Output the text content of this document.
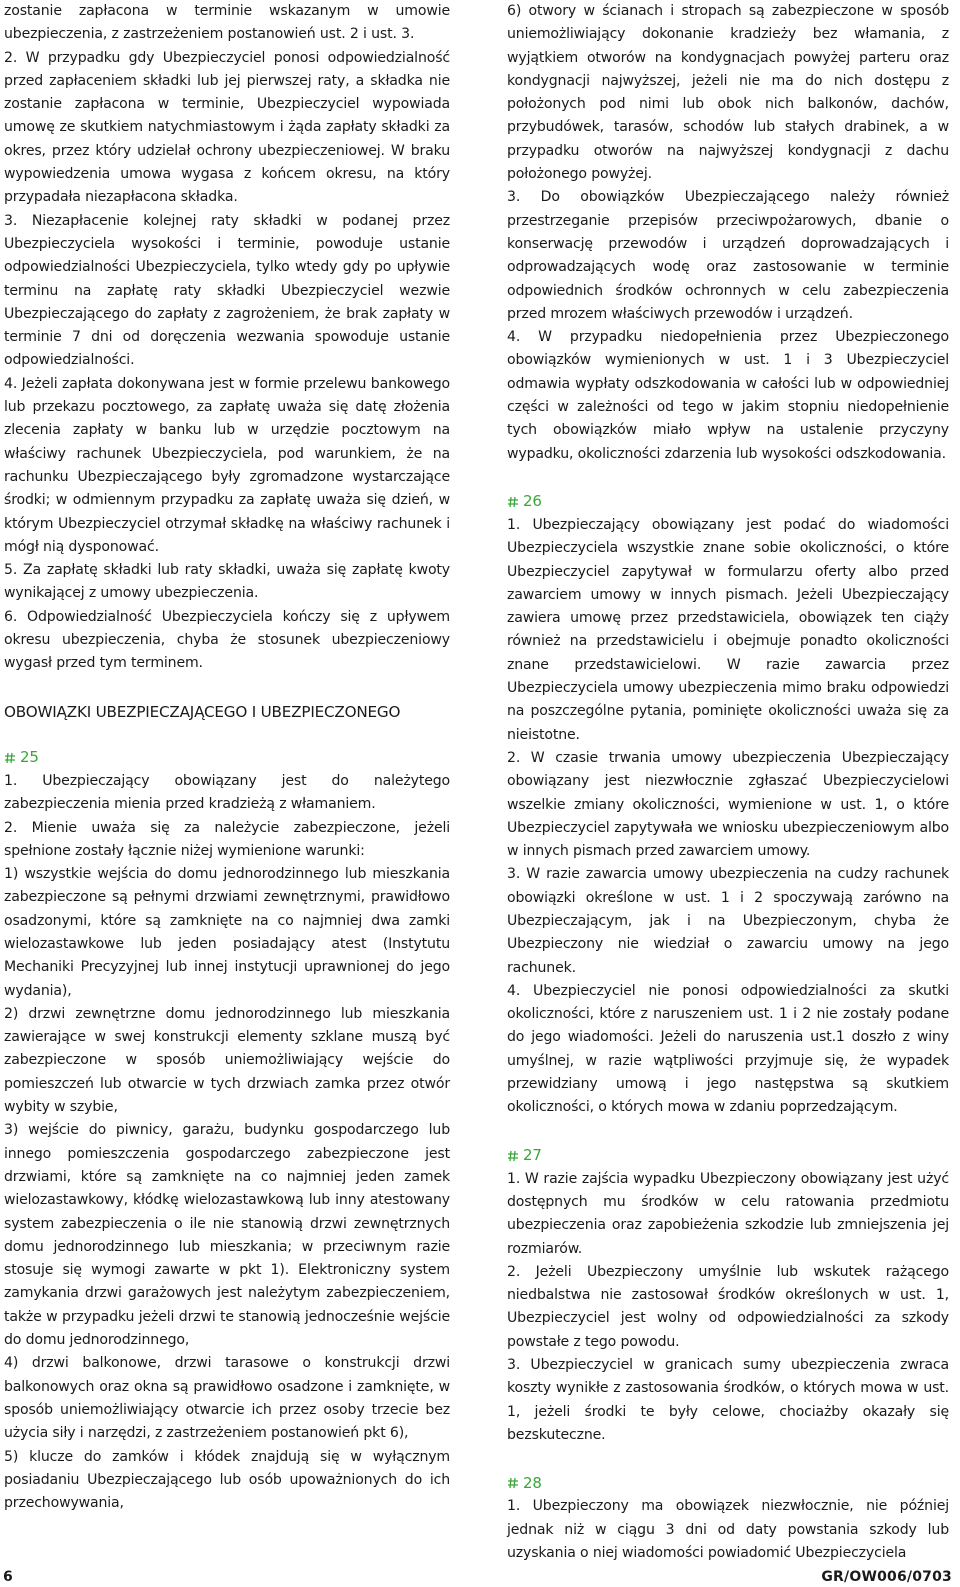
zostanie zapłacona w terminie wskazanym w umowie ubezpieczenia, z zastrzeżeniem postanowień ust. 2 i ust. 3.

2. W przypadku gdy Ubezpieczyciel ponosi odpowiedzialność przed zapłaceniem składki lub jej pierwszej raty, a składka nie zostanie zapłacona w terminie, Ubezpieczyciel wypowiada umowę ze skutkiem natychmiastowym i żąda zapłaty składki za okres, przez który udzielał ochrony ubezpieczeniowej. W braku wypowiedzenia umowa wygasa z końcem okresu, na który przypadała niezapłacona składka.

3. Niezapłacenie kolejnej raty składki w podanej przez Ubezpieczyciela wysokości i terminie, powoduje ustanie odpowiedzialności Ubezpieczyciela, tylko wtedy gdy po upływie terminu na zapłatę raty składki Ubezpieczyciel wezwie Ubezpieczającego do zapłaty z zagrożeniem, że brak zapłaty w terminie 7 dni od doręczenia wezwania spowoduje ustanie odpowiedzialności.

4. Jeżeli zapłata dokonywana jest w formie przelewu bankowego lub przekazu pocztowego, za zapłatę uważa się datę złożenia zlecenia zapłaty w banku lub w urzędzie pocztowym na właściwy rachunek Ubezpieczyciela, pod warunkiem, że na rachunku Ubezpieczającego były zgromadzone wystarczające środki; w odmiennym przypadku za zapłatę uważa się dzień, w którym Ubezpieczyciel otrzymał składkę na właściwy rachunek i mógł nią dysponować.

5. Za zapłatę składki lub raty składki, uważa się zapłatę kwoty wynikającej z umowy ubezpieczenia.

6. Odpowiedzialność Ubezpieczyciela kończy się z upływem okresu ubezpieczenia, chyba że stosunek ubezpieczeniowy wygasł przed tym terminem.

OBOWIĄZKI UBEZPIECZAJĄCEGO I UBEZPIECZONEGO

25

1. Ubezpieczający obowiązany jest do należytego zabezpieczenia mienia przed kradzieżą z włamaniem.

2. Mienie uważa się za należycie zabezpieczone, jeżeli spełnione zostały łącznie niżej wymienione warunki:

1) wszystkie wejścia do domu jednorodzinnego lub mieszkania zabezpieczone są pełnymi drzwiami zewnętrznymi, prawidłowo osadzonymi, które są zamknięte na co najmniej dwa zamki wielozastawkowe lub jeden posiadający atest (Instytutu Mechaniki Precyzyjnej lub innej instytucji uprawnionej do jego wydania),

2) drzwi zewnętrzne domu jednorodzinnego lub mieszkania zawierające w swej konstrukcji elementy szklane muszą być zabezpieczone w sposób uniemożliwiający wejście do pomieszczeń lub otwarcie w tych drzwiach zamka przez otwór wybity w szybie,

3) wejście do piwnicy, garażu, budynku gospodarczego lub innego pomieszczenia gospodarczego zabezpieczone jest drzwiami, które są zamknięte na co najmniej jeden zamek wielozastawkowy, kłódkę wielozastawkową lub inny atestowany system zabezpieczenia o ile nie stanowią drzwi zewnętrznych domu jednorodzinnego lub mieszkania; w przeciwnym razie stosuje się wymogi zawarte w pkt 1). Elektroniczny system zamykania drzwi garażowych jest należytym zabezpieczeniem, także w przypadku jeżeli drzwi te stanowią jednocześnie wejście do domu jednorodzinnego,

4) drzwi balkonowe, drzwi tarasowe o konstrukcji drzwi balkonowych oraz okna są prawidłowo osadzone i zamknięte, w sposób uniemożliwiający otwarcie ich przez osoby trzecie bez użycia siły i narzędzi, z zastrzeżeniem postanowień pkt 6),

5) klucze do zamków i kłódek znajdują się w wyłącznym posiadaniu Ubezpieczającego lub osób upoważnionych do ich przechowywania,

6) otwory w ścianach i stropach są zabezpieczone w sposób uniemożliwiający dokonanie kradzieży bez włamania, z wyjątkiem otworów na kondygnacjach powyżej parteru oraz kondygnacji najwyższej, jeżeli nie ma do nich dostępu z położonych pod nimi lub obok nich balkonów, dachów, przybudówek, tarasów, schodów lub stałych drabinek, a w przypadku otworów na najwyższej kondygnacji z dachu położonego powyżej.

3. Do obowiązków Ubezpieczającego należy również przestrzeganie przepisów przeciwpożarowych, dbanie o konserwację przewodów i urządzeń doprowadzających i odprowadzających wodę oraz zastosowanie w terminie odpowiednich środków ochronnych w celu zabezpieczenia przed mrozem właściwych przewodów i urządzeń.

4. W przypadku niedopełnienia przez Ubezpieczonego obowiązków wymienionych w ust. 1 i 3 Ubezpieczyciel odmawia wypłaty odszkodowania w całości lub w odpowiedniej części w zależności od tego w jakim stopniu niedopełnienie tych obowiązków miało wpływ na ustalenie przyczyny wypadku, okoliczności zdarzenia lub wysokości odszkodowania.

26

1. Ubezpieczający obowiązany jest podać do wiadomości Ubezpieczyciela wszystkie znane sobie okoliczności, o które Ubezpieczyciel zapytywał w formularzu oferty albo przed zawarciem umowy w innych pismach. Jeżeli Ubezpieczający zawiera umowę przez przedstawiciela, obowiązek ten ciąży również na przedstawicielu i obejmuje ponadto okoliczności znane przedstawicielowi. W razie zawarcia przez Ubezpieczyciela umowy ubezpieczenia mimo braku odpowiedzi na poszczególne pytania, pominięte okoliczności uważa się za nieistotne.

2. W czasie trwania umowy ubezpieczenia Ubezpieczający obowiązany jest niezwłocznie zgłaszać Ubezpieczycielowi wszelkie zmiany okoliczności, wymienione w ust. 1, o które Ubezpieczyciel zapytywała we wniosku ubezpieczeniowym albo w innych pismach przed zawarciem umowy.

3. W razie zawarcia umowy ubezpieczenia na cudzy rachunek obowiązki określone w ust. 1 i 2 spoczywają zarówno na Ubezpieczającym, jak i na Ubezpieczonym, chyba że Ubezpieczony nie wiedział o zawarciu umowy na jego rachunek.

4. Ubezpieczyciel nie ponosi odpowiedzialności za skutki okoliczności, które z naruszeniem ust. 1 i 2 nie zostały podane do jego wiadomości. Jeżeli do naruszenia ust.1 doszło z winy umyślnej, w razie wątpliwości przyjmuje się, że wypadek przewidziany umową i jego następstwa są skutkiem okoliczności, o których mowa w zdaniu poprzedzającym.

27

1. W razie zajścia wypadku Ubezpieczony obowiązany jest użyć dostępnych mu środków w celu ratowania przedmiotu ubezpieczenia oraz zapobieżenia szkodzie lub zmniejszenia jej rozmiarów.

2. Jeżeli Ubezpieczony umyślnie lub wskutek rażącego niedbalstwa nie zastosował środków określonych w ust. 1, Ubezpieczyciel jest wolny od odpowiedzialności za szkody powstałe z tego powodu.

3. Ubezpieczyciel w granicach sumy ubezpieczenia zwraca koszty wynikłe z zastosowania środków, o których mowa w ust. 1, jeżeli środki te były celowe, chociażby okazały się bezskuteczne.

28

1. Ubezpieczony ma obowiązek niezwłocznie, nie później jednak niż w ciągu 3 dni od daty powstania szkody lub uzyskania o niej wiadomości powiadomić Ubezpieczyciela

6	GR/OW006/0703
